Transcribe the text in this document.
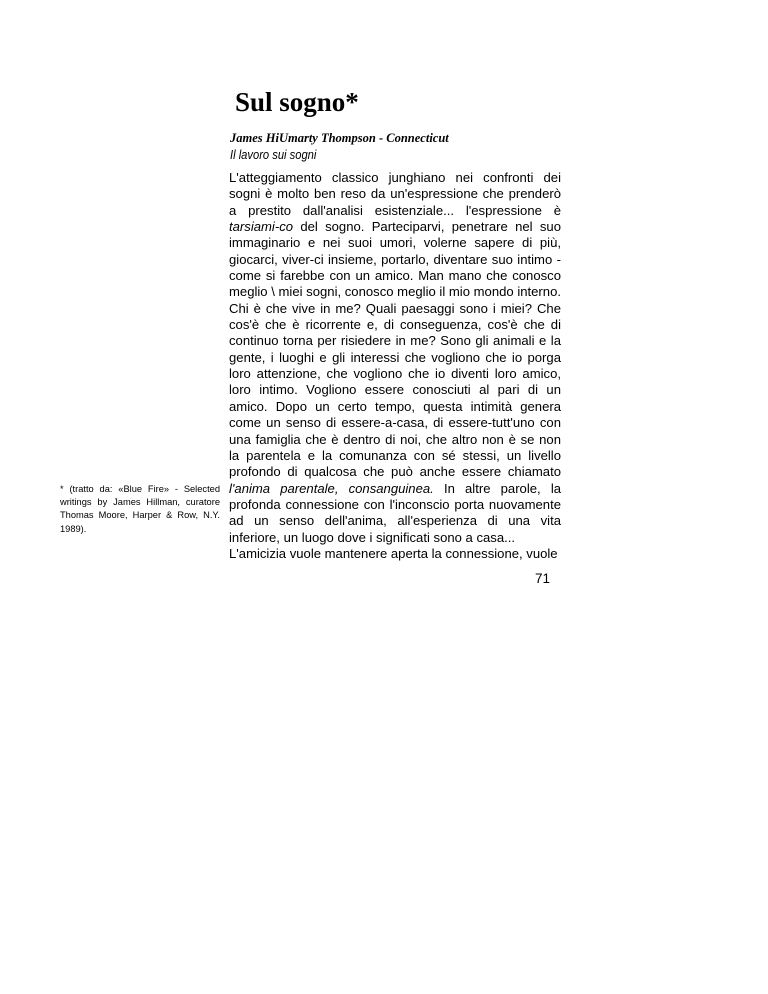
Sul sogno*
James HiUmarty Thompson - Connecticut
Il lavoro sui sogni

L'atteggiamento classico junghiano nei confronti dei sogni è molto ben reso da un'espressione che prenderò a prestito dall'analisi esistenziale... l'espressione è tarsiami-co del sogno. Parteciparvi, penetrare nel suo immaginario e nei suoi umori, volerne sapere di più, giocarci, viver-ci insieme, portarlo, diventare suo intimo - come si farebbe con un amico. Man mano che conosco meglio \ miei sogni, conosco meglio il mio mondo interno. Chi è che vive in me? Quali paesaggi sono i miei? Che cos'è che è ricorrente e, di conseguenza, cos'è che di continuo torna per risiedere in me? Sono gli animali e la gente, i luoghi e gli interessi che vogliono che io porga loro attenzione, che vogliono che io diventi loro amico, loro intimo. Vogliono essere conosciuti al pari di un amico. Dopo un certo tempo, questa intimità genera come un senso di essere-a-casa, di essere-tutt'uno con una famiglia che è dentro di noi, che altro non è se non la parentela e la comunanza con sé stessi, un livello profondo di qualcosa che può anche essere chiamato l'anima parentale, consanguinea. In altre parole, la profonda connessione con l'inconscio porta nuovamente ad un senso dell'anima, all'esperienza di una vita inferiore, un luogo dove i significati sono a casa...

L'amicizia vuole mantenere aperta la connessione, vuole

* (tratto da: «Blue Fire» - Selected writings by James Hillman, curatore Thomas Moore, Harper & Row, N.Y. 1989).
71
